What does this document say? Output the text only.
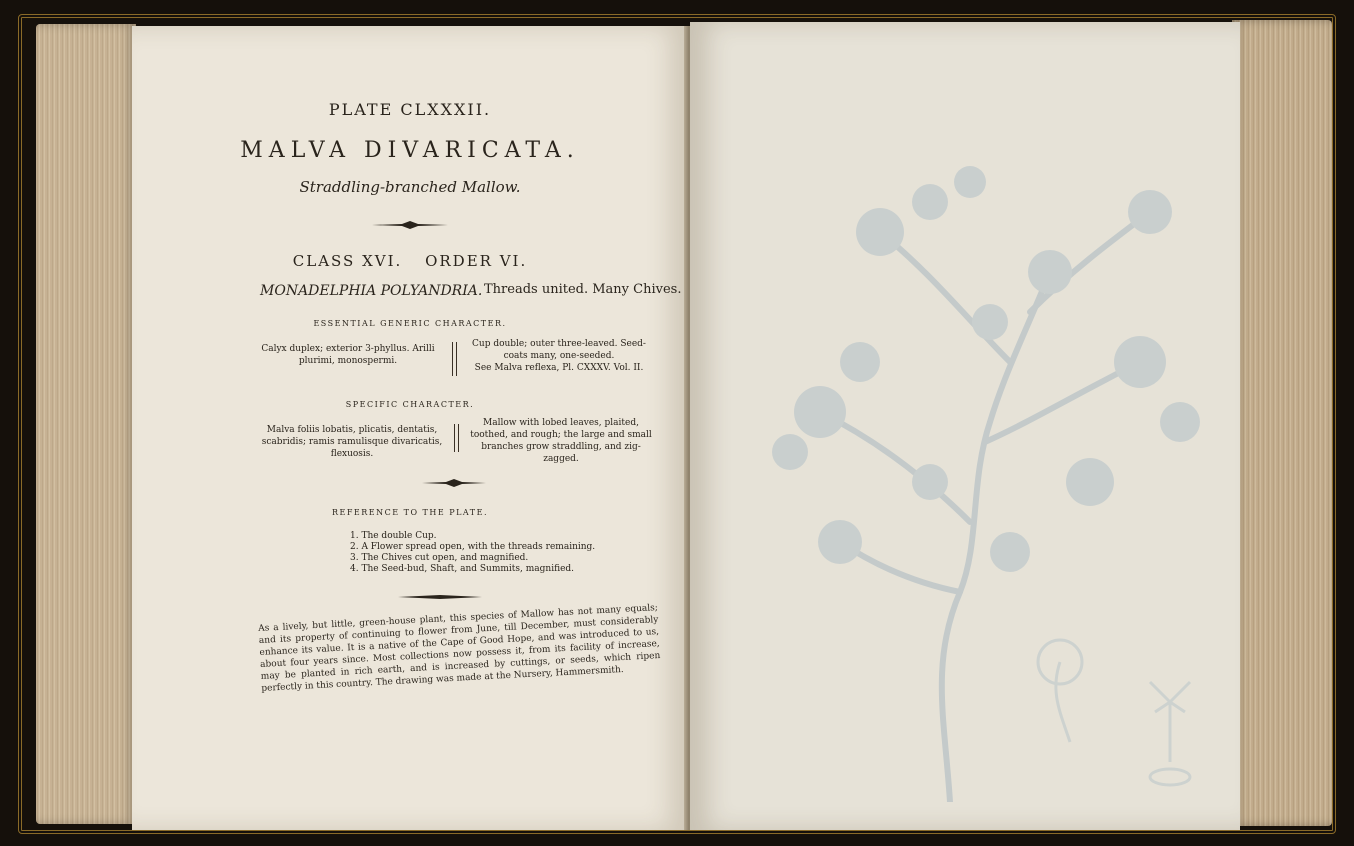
PLATE CLXXXII.
MALVA DIVARICATA.
Straddling-branched Mallow.
CLASS XVI. ORDER VI.
MONADELPHIA POLYANDRIA. Threads united. Many Chives.
ESSENTIAL GENERIC CHARACTER.
Calyx duplex; exterior 3-phyllus. Arilli plurimi, monospermi.
Cup double; outer three-leaved. Seed-coats many, one-seeded.
See Malva reflexa, Pl. CXXXV. Vol. II.
SPECIFIC CHARACTER.
Malva foliis lobatis, plicatis, dentatis, scabridis; ramis ramulisque divaricatis, flexuosis.
Mallow with lobed leaves, plaited, toothed, and rough; the large and small branches grow straddling, and zig-zagged.
REFERENCE TO THE PLATE.
1. The double Cup.
2. A Flower spread open, with the threads remaining.
3. The Chives cut open, and magnified.
4. The Seed-bud, Shaft, and Summits, magnified.
As a lively, but little, green-house plant, this species of Mallow has not many equals; and its property of continuing to flower from June, till December, must considerably enhance its value. It is a native of the Cape of Good Hope, and was introduced to us, about four years since. Most collections now possess it, from its facility of increase, may be planted in rich earth, and is increased by cuttings, or seeds, which ripen perfectly in this country. The drawing was made at the Nursery, Hammersmith.
